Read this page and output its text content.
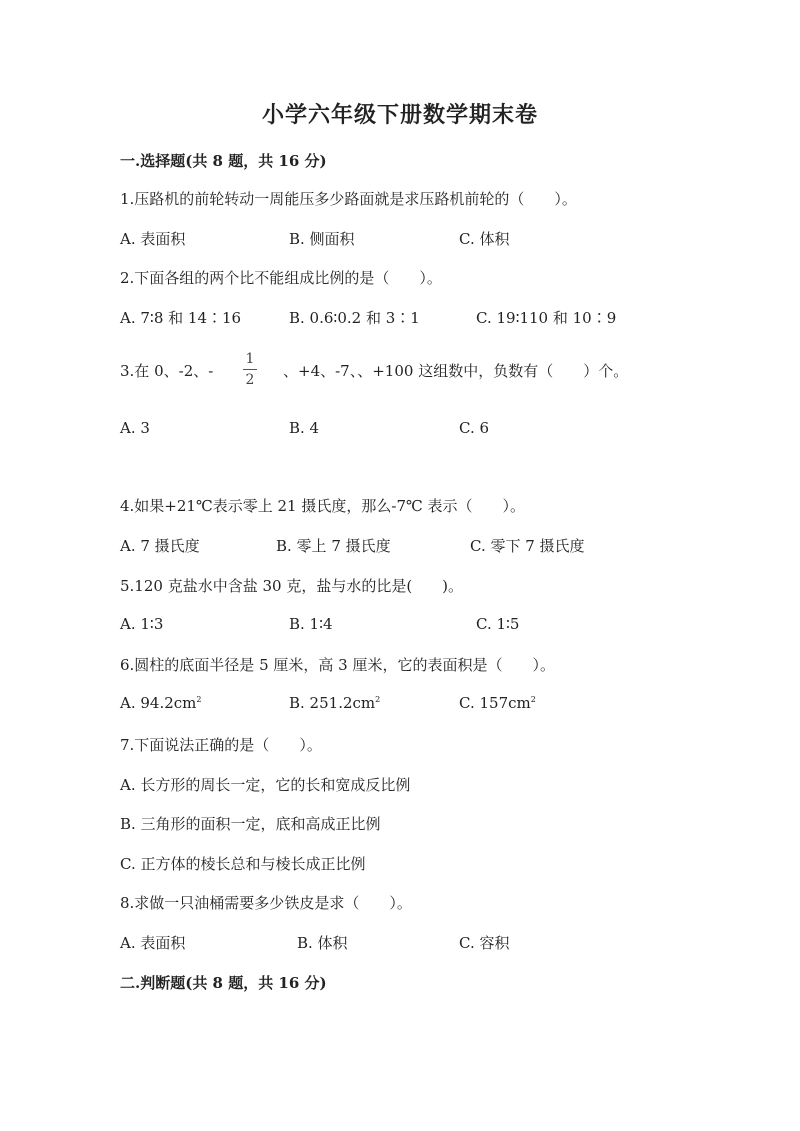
小学六年级下册数学期末卷
一.选择题(共 8 题，共 16 分)
1.压路机的前轮转动一周能压多少路面就是求压路机前轮的（　　）。
A. 表面积	B. 侧面积	C. 体积
2.下面各组的两个比不能组成比例的是（　　）。
A. 7∶8 和 14∶16	B. 0.6∶0.2 和 3∶1	C. 19∶110 和 10∶9
3.在 0、-2、-
1
2 、+4、-7、、+100 这组数中，负数有（　　）个。
A. 3	B. 4	C. 6
4.如果+21℃表示零上 21 摄氏度，那么-7℃ 表示（　　）。
A. 7 摄氏度	B. 零上 7 摄氏度	C. 零下 7 摄氏度
5.120 克盐水中含盐 30 克，盐与水的比是(　　)。
A. 1∶3	B. 1∶4	C. 1∶5
6.圆柱的底面半径是 5 厘米，高 3 厘米，它的表面积是（　　）。
A. $94.2cm^2$	B. $251.2cm^2$	C. $157cm^2$
7.下面说法正确的是（　　）。
A. 长方形的周长一定，它的长和宽成反比例
B. 三角形的面积一定，底和高成正比例
C. 正方体的棱长总和与棱长成正比例
8.求做一只油桶需要多少铁皮是求（　　）。
A. 表面积	B. 体积	C. 容积
二.判断题(共 8 题，共 16 分)
